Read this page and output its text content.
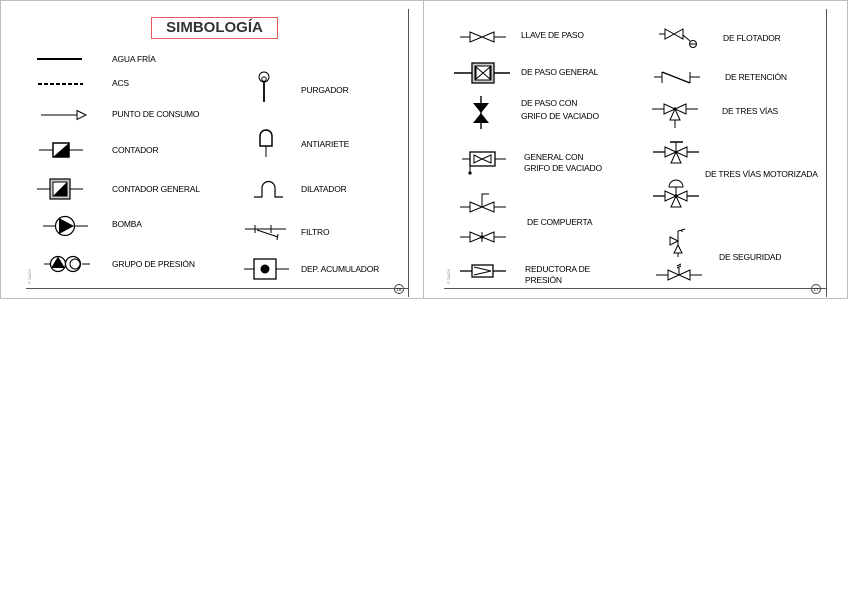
SIMBOLOGÍA
AGUA FRÍA
ACS
PUNTO DE CONSUMO
CONTADOR
CONTADOR GENERAL
BOMBA
GRUPO DE PRESIÓN
PURGADOR
ANTIARIETE
DILATADOR
FILTRO
DEP. ACUMULADOR
© SACN
16
LLAVE DE PASO
DE PASO GENERAL
DE PASO CON
GRIFO DE VACIADO
GENERAL CON
GRIFO DE VACIADO
DE COMPUERTA
REDUCTORA DE
PRESIÓN
DE FLOTADOR
DE RETENCIÓN
DE TRES VÍAS
DE TRES VÍAS MOTORIZADA
DE SEGURIDAD
© SACN
17
